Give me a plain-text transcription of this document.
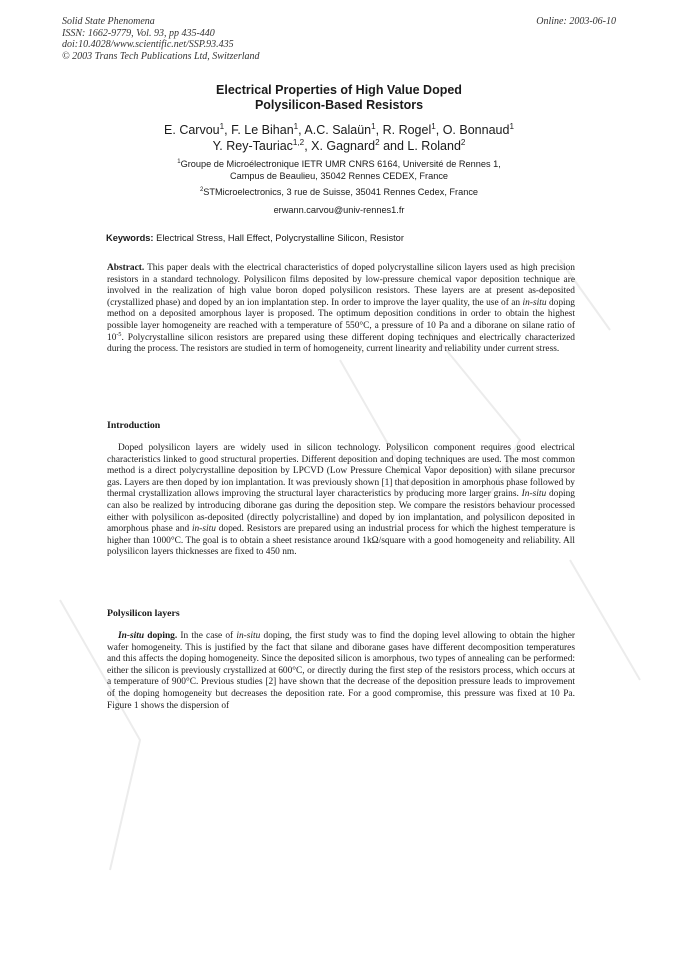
Solid State Phenomena
ISSN: 1662-9779, Vol. 93, pp 435-440
doi:10.4028/www.scientific.net/SSP.93.435
© 2003 Trans Tech Publications Ltd, Switzerland
Online: 2003-06-10
Electrical Properties of High Value Doped
Polysilicon-Based Resistors
E. Carvou$^1$, F. Le Bihan$^1$, A.C. Salaün$^1$, R. Rogel$^1$, O. Bonnaud$^1$
Y. Rey-Tauriac$^{1,2}$, X. Gagnard$^2$ and L. Roland$^2$
$^1$Groupe de Microélectronique IETR UMR CNRS 6164, Université de Rennes 1,
Campus de Beaulieu, 35042 Rennes CEDEX, France
$^2$STMicroelectronics, 3 rue de Suisse, 35041 Rennes Cedex, France
erwann.carvou@univ-rennes1.fr
Keywords: Electrical Stress, Hall Effect, Polycrystalline Silicon, Resistor

Abstract. This paper deals with the electrical characteristics of doped polycrystalline silicon layers used as high precision resistors in a standard technology. Polysilicon films deposited by low-pressure chemical vapor deposition technique are involved in the realization of high value boron doped polysilicon resistors. These layers are at present as-deposited (crystallized phase) and doped by an ion implantation step. In order to improve the layer quality, the use of an in-situ doping method on a deposited amorphous layer is proposed. The optimum deposition conditions in order to obtain the highest possible layer homogeneity are reached with a temperature of 550°C, a pressure of 10 Pa and a diborane on silane ratio of $10^{-5}$. Polycrystalline silicon resistors are prepared using these different doping techniques and electrically characterized during the process. The resistors are studied in term of homogeneity, current linearity and reliability under current stress.

Introduction

Doped polysilicon layers are widely used in silicon technology. Polysilicon component requires good electrical characteristics linked to good structural properties. Different deposition and doping techniques are used. The most common method is a direct polycrystalline deposition by LPCVD (Low Pressure Chemical Vapor deposition) with silane precursor gas. Layers are then doped by ion implantation. It was previously shown [1] that deposition in amorphous phase followed by thermal crystallization allows improving the structural layer characteristics by producing more larger grains. In-situ doping can also be realized by introducing diborane gas during the deposition step. We compare the resistors behaviour processed either with polysilicon as-deposited (directly polycristalline) and doped by ion implantation, and polysilicon deposited in amorphous phase and in-situ doped. Resistors are prepared using an industrial process for which the highest temperature is higher than 1000°C. The goal is to obtain a sheet resistance around 1kΩ/square with a good homogeneity and reliability. All polysilicon layers thicknesses are fixed to 450 nm.

Polysilicon layers

In-situ doping. In the case of in-situ doping, the first study was to find the doping level allowing to obtain the higher wafer homogeneity. This is justified by the fact that silane and diborane gases have different decomposition temperatures and this affects the doping homogeneity. Since the deposited silicon is amorphous, two types of annealing can be performed: either the silicon is previously crystallized at 600°C, or directly during the first step of the resistors process, which occurs at a temperature of 900°C. Previous studies [2] have shown that the decrease of the deposition pressure leads to improvement of the doping homogeneity but decreases the deposition rate. For a good compromise, this pressure was fixed at 10 Pa. Figure 1 shows the dispersion of
